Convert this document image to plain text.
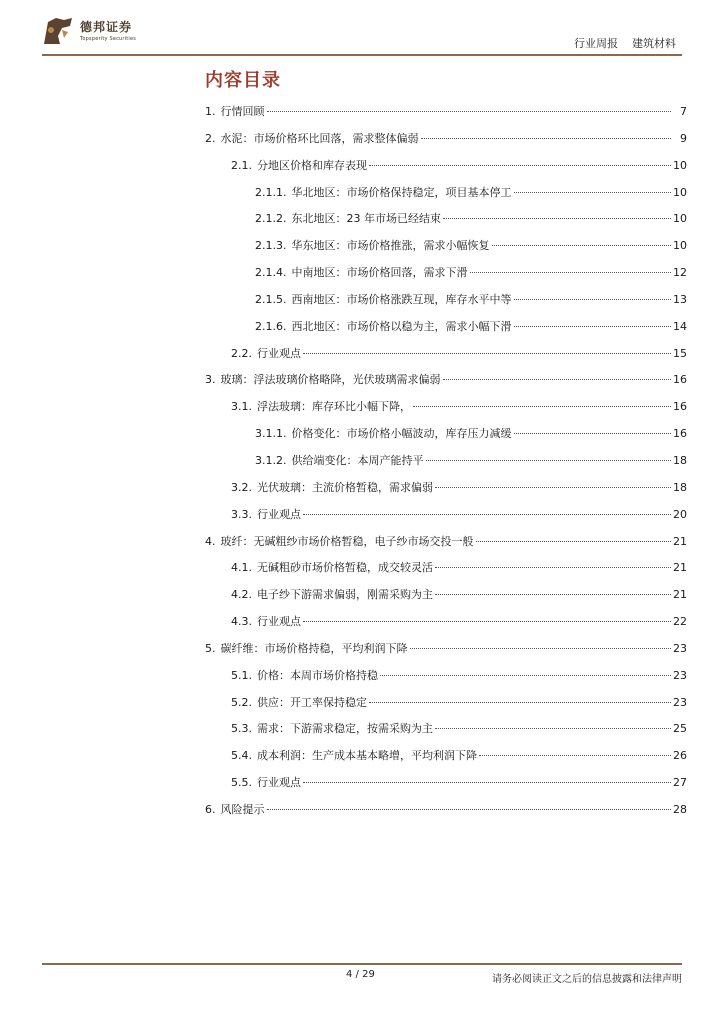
德邦证券
Topsperity Securities	行业周报 建筑材料
内容目录
1. 行情回顾	7
2. 水泥：市场价格环比回落，需求整体偏弱	9
2.1. 分地区价格和库存表现	10
2.1.1. 华北地区：市场价格保持稳定，项目基本停工	10
2.1.2. 东北地区：23 年市场已经结束	10
2.1.3. 华东地区：市场价格推涨，需求小幅恢复	10
2.1.4. 中南地区：市场价格回落，需求下滑	12
2.1.5. 西南地区：市场价格涨跌互现，库存水平中等	13
2.1.6. 西北地区：市场价格以稳为主，需求小幅下滑	14
2.2. 行业观点	15
3. 玻璃：浮法玻璃价格略降，光伏玻璃需求偏弱	16
3.1. 浮法玻璃：库存环比小幅下降，	16
3.1.1. 价格变化：市场价格小幅波动，库存压力减缓	16
3.1.2. 供给端变化：本周产能持平	18
3.2. 光伏玻璃：主流价格暂稳，需求偏弱	18
3.3. 行业观点	20
4. 玻纤：无碱粗纱市场价格暂稳，电子纱市场交投一般	21
4.1. 无碱粗砂市场价格暂稳，成交较灵活	21
4.2. 电子纱下游需求偏弱，刚需采购为主	21
4.3. 行业观点	22
5. 碳纤维：市场价格持稳，平均利润下降	23
5.1. 价格：本周市场价格持稳	23
5.2. 供应：开工率保持稳定	23
5.3. 需求：下游需求稳定，按需采购为主	25
5.4. 成本利润：生产成本基本略增，平均利润下降	26
5.5. 行业观点	27
6. 风险提示	28
4 / 29	请务必阅读正文之后的信息披露和法律声明
